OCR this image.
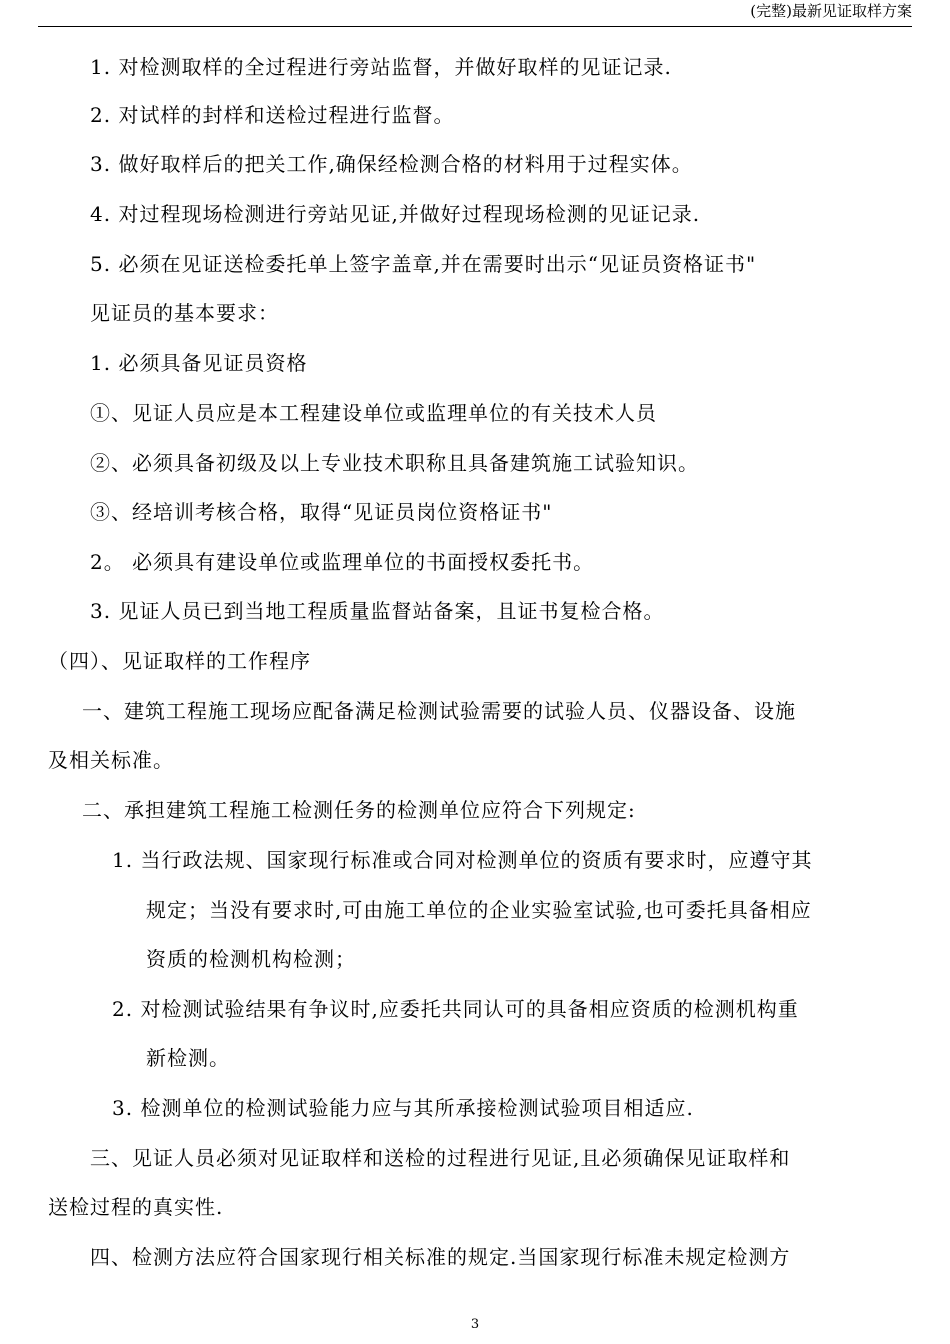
(完整)最新见证取样方案
1. 对检测取样的全过程进行旁站监督，并做好取样的见证记录.
2. 对试样的封样和送检过程进行监督。
3. 做好取样后的把关工作,确保经检测合格的材料用于过程实体。
4. 对过程现场检测进行旁站见证,并做好过程现场检测的见证记录.
5. 必须在见证送检委托单上签字盖章,并在需要时出示“见证员资格证书"
见证员的基本要求：
1. 必须具备见证员资格
①、见证人员应是本工程建设单位或监理单位的有关技术人员
②、必须具备初级及以上专业技术职称且具备建筑施工试验知识。
③、经培训考核合格，取得“见证员岗位资格证书"
2。 必须具有建设单位或监理单位的书面授权委托书。
3. 见证人员已到当地工程质量监督站备案，且证书复检合格。
（四）、见证取样的工作程序
一、建筑工程施工现场应配备满足检测试验需要的试验人员、仪器设备、设施
及相关标准。
二、承担建筑工程施工检测任务的检测单位应符合下列规定:
1. 当行政法规、国家现行标准或合同对检测单位的资质有要求时，应遵守其
规定；当没有要求时,可由施工单位的企业实验室试验,也可委托具备相应
资质的检测机构检测；
2. 对检测试验结果有争议时,应委托共同认可的具备相应资质的检测机构重
新检测。
3. 检测单位的检测试验能力应与其所承接检测试验项目相适应.
三、见证人员必须对见证取样和送检的过程进行见证,且必须确保见证取样和
送检过程的真实性.
四、检测方法应符合国家现行相关标准的规定.当国家现行标准未规定检测方
3
